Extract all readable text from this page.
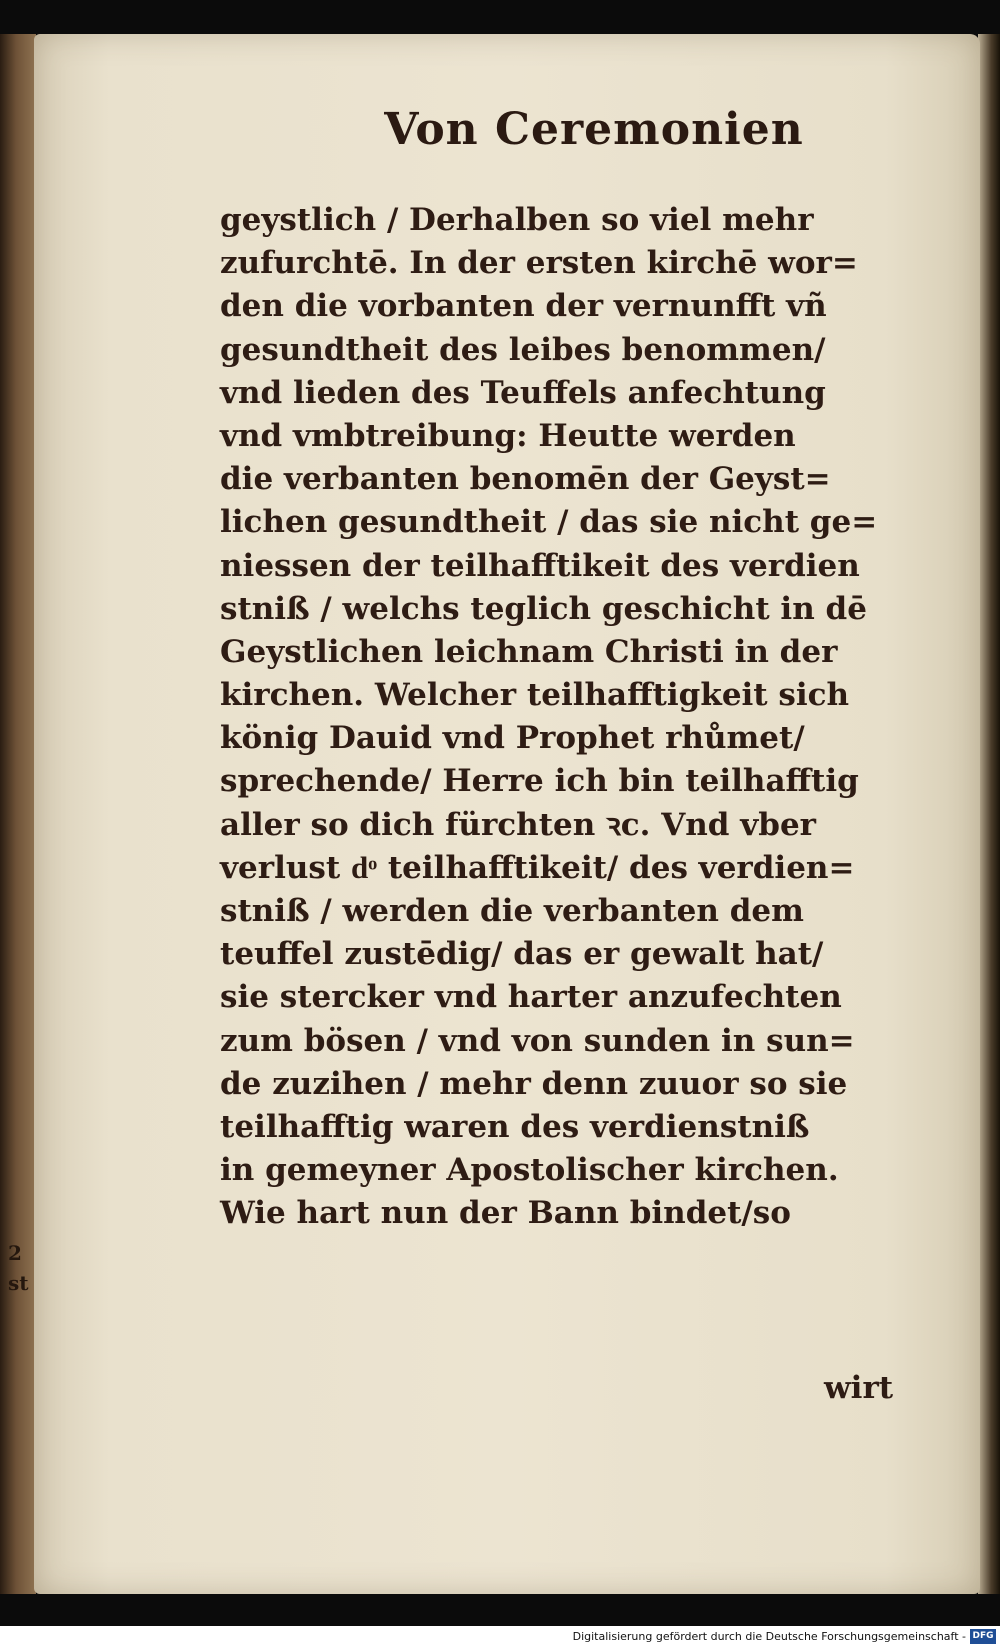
Von Ceremonien
geystlich / Derhalben so viel mehr
zufurchtē. In der ersten kirchē wor=
den die vorbanten der vernunfft vñ
gesundtheit des leibes benommen/
vnd lieden des Teuffels anfechtung
vnd vmbtreibung: Heutte werden
die verbanten benomēn der Geyst=
lichen gesundtheit / das sie nicht ge=
niessen der teilhafftikeit des verdien
stniß / welchs teglich geschicht in dē
Geystlichen leichnam Christi in der
kirchen. Welcher teilhafftigkeit sich
könig Dauid vnd Prophet rhůmet/
sprechende/ Herre ich bin teilhafftig
aller so dich fürchten ꝛc. Vnd vber
verlust dͦ teilhafftikeit/ des verdien=
stniß / werden die verbanten dem
teuffel zustēdig/ das er gewalt hat/
sie stercker vnd harter anzufechten
zum bösen / vnd von sunden in sun=
de zuzihen / mehr denn zuuor so sie
teilhafftig waren des verdienstniß
in gemeyner Apostolischer kirchen.
Wie hart nun der Bann bindet/so
wirt
2
st
Digitalisierung gefördert durch die Deutsche Forschungsgemeinschaft - DFG
